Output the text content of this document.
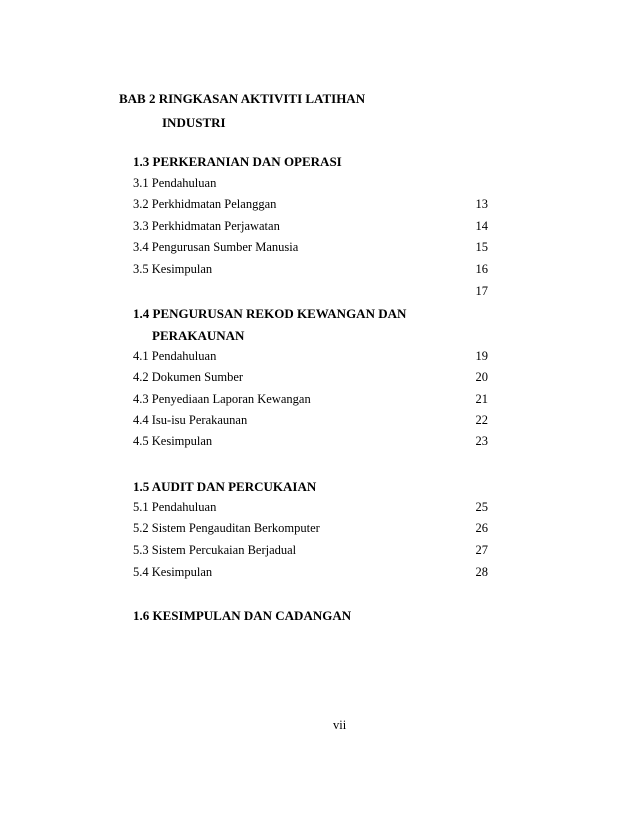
BAB 2 RINGKASAN AKTIVITI LATIHAN
INDUSTRI
1.3 PERKERANIAN DAN OPERASI
3.1 Pendahuluan
3.2 Perkhidmatan Pelanggan	13
3.3 Perkhidmatan Perjawatan	14
3.4 Pengurusan Sumber Manusia	15
3.5 Kesimpulan	16
17
1.4 PENGURUSAN REKOD KEWANGAN DAN
PERAKAUNAN
4.1 Pendahuluan	19
4.2 Dokumen Sumber	20
4.3 Penyediaan Laporan Kewangan	21
4.4 Isu-isu Perakaunan	22
4.5 Kesimpulan	23
1.5 AUDIT DAN PERCUKAIAN
5.1 Pendahuluan	25
5.2 Sistem Pengauditan Berkomputer	26
5.3 Sistem Percukaian Berjadual	27
5.4 Kesimpulan	28
1.6 KESIMPULAN DAN CADANGAN
vii
